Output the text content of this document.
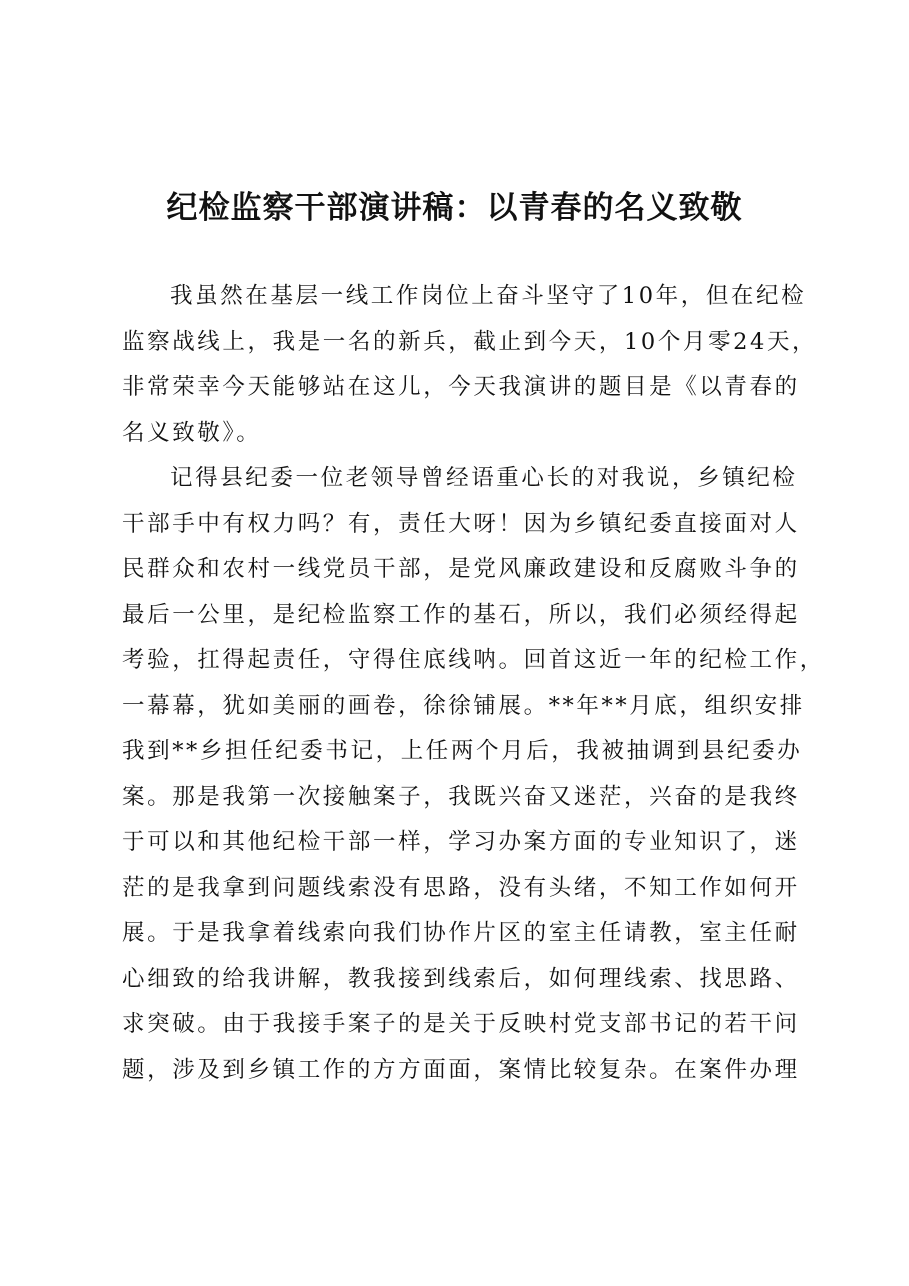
纪检监察干部演讲稿：以青春的名义致敬
我虽然在基层一线工作岗位上奋斗坚守了10年，但在纪检
监察战线上，我是一名的新兵，截止到今天，10个月零24天，
非常荣幸今天能够站在这儿，今天我演讲的题目是《以青春的
名义致敬》。
记得县纪委一位老领导曾经语重心长的对我说，乡镇纪检
干部手中有权力吗？有，责任大呀！因为乡镇纪委直接面对人
民群众和农村一线党员干部，是党风廉政建设和反腐败斗争的
最后一公里，是纪检监察工作的基石，所以，我们必须经得起
考验，扛得起责任，守得住底线呐。回首这近一年的纪检工作，
一幕幕，犹如美丽的画卷，徐徐铺展。**年**月底，组织安排
我到**乡担任纪委书记，上任两个月后，我被抽调到县纪委办
案。那是我第一次接触案子，我既兴奋又迷茫，兴奋的是我终
于可以和其他纪检干部一样，学习办案方面的专业知识了，迷
茫的是我拿到问题线索没有思路，没有头绪，不知工作如何开
展。于是我拿着线索向我们协作片区的室主任请教，室主任耐
心细致的给我讲解，教我接到线索后，如何理线索、找思路、
求突破。由于我接手案子的是关于反映村党支部书记的若干问
题，涉及到乡镇工作的方方面面，案情比较复杂。在案件办理
